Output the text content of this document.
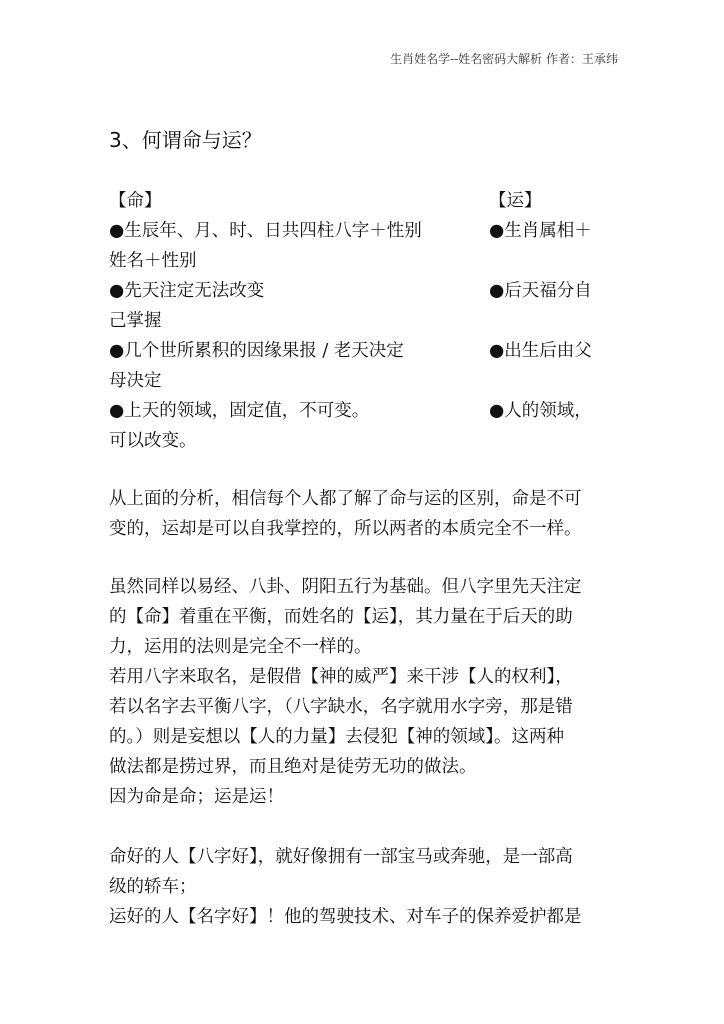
生肖姓名学--姓名密码大解析 作者：王承纬
3、何谓命与运？
【命】	【运】
●生辰年、月、时、日共四柱八字＋性别	●生肖属相＋
姓名＋性别
●先天注定无法改变	●后天福分自
己掌握
●几个世所累积的因缘果报 / 老天决定	●出生后由父
母决定
●上天的领域，固定值，不可变。	●人的领域，
可以改变。
从上面的分析，相信每个人都了解了命与运的区别，命是不可
变的，运却是可以自我掌控的，所以两者的本质完全不一样。
虽然同样以易经、八卦、阴阳五行为基础。但八字里先天注定
的【命】着重在平衡，而姓名的【运】，其力量在于后天的助
力，运用的法则是完全不一样的。
若用八字来取名，是假借【神的威严】来干涉【人的权利】，
若以名字去平衡八字，（八字缺水，名字就用水字旁，那是错
的。）则是妄想以【人的力量】去侵犯【神的领域】。这两种
做法都是捞过界，而且绝对是徒劳无功的做法。
因为命是命；运是运！
命好的人【八字好】，就好像拥有一部宝马或奔驰，是一部高
级的轿车；
运好的人【名字好】！他的驾驶技术、对车子的保养爱护都是
